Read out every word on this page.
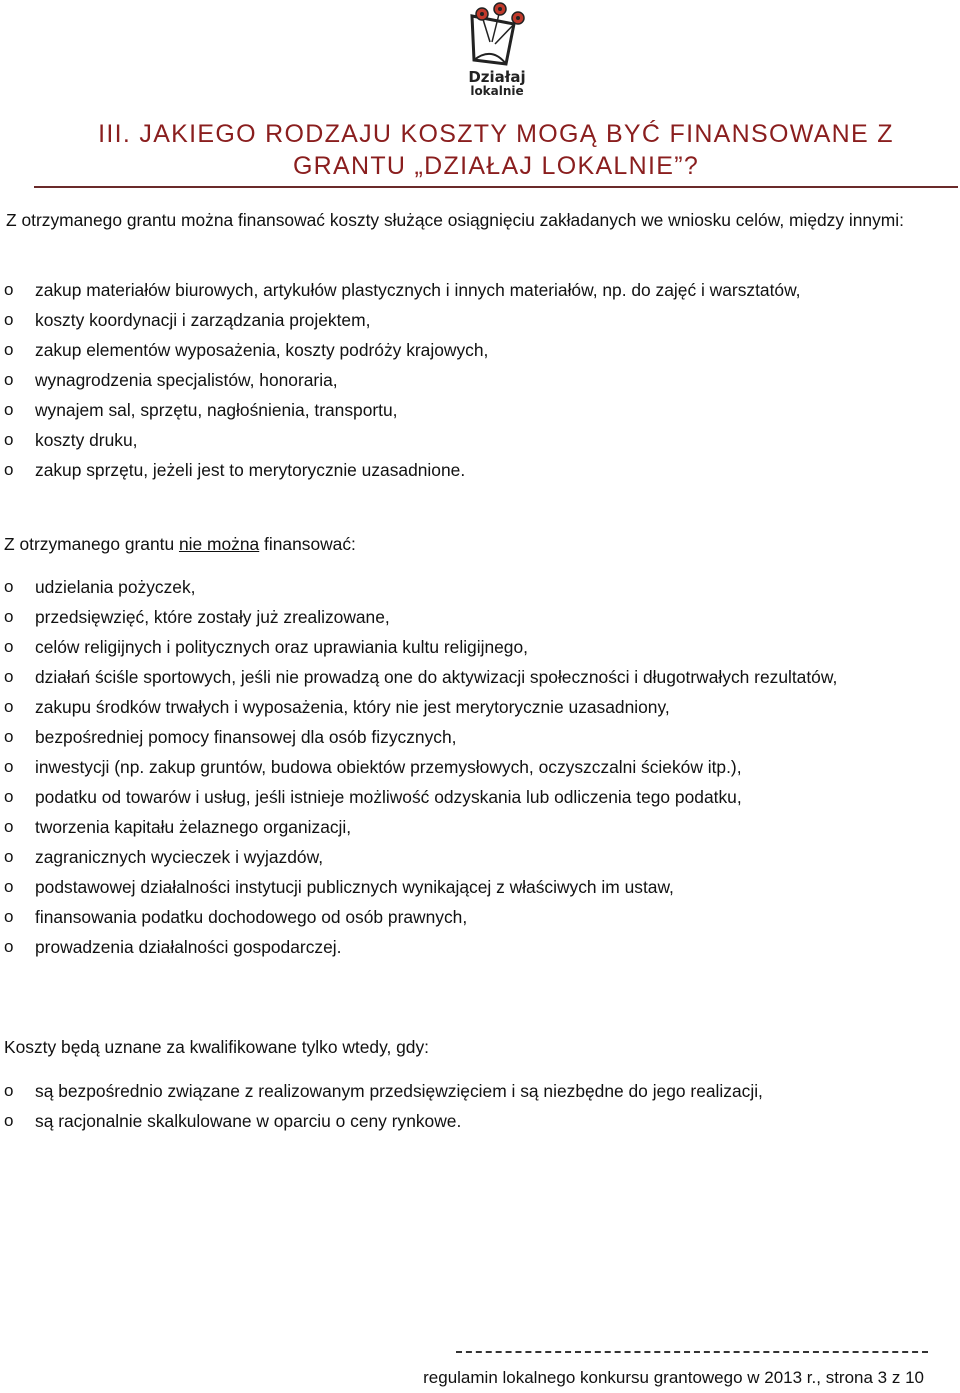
Działaj
lokalnie
III. JAKIEGO RODZAJU KOSZTY MOGĄ BYĆ FINANSOWANE Z
GRANTU „DZIAŁAJ LOKALNIE”?

Z otrzymanego grantu można finansować koszty służące osiągnięciu zakładanych we wniosku celów, między innymi:

o zakup materiałów biurowych, artykułów plastycznych i innych materiałów, np. do zajęć i warsztatów,
o koszty koordynacji i zarządzania projektem,
o zakup elementów wyposażenia, koszty podróży krajowych,
o wynagrodzenia specjalistów, honoraria,
o wynajem sal, sprzętu, nagłośnienia, transportu,
o koszty druku,
o zakup sprzętu, jeżeli jest to merytorycznie uzasadnione.

Z otrzymanego grantu nie można finansować:

o udzielania pożyczek,
o przedsięwzięć, które zostały już zrealizowane,
o celów religijnych i politycznych oraz uprawiania kultu religijnego,
o działań ściśle sportowych, jeśli nie prowadzą one do aktywizacji społeczności i długotrwałych rezultatów,
o zakupu środków trwałych i wyposażenia, który nie jest merytorycznie uzasadniony,
o bezpośredniej pomocy finansowej dla osób fizycznych,
o inwestycji (np. zakup gruntów, budowa obiektów przemysłowych, oczyszczalni ścieków itp.),
o podatku od towarów i usług, jeśli istnieje możliwość odzyskania lub odliczenia tego podatku,
o tworzenia kapitału żelaznego organizacji,
o zagranicznych wycieczek i wyjazdów,
o podstawowej działalności instytucji publicznych wynikającej z właściwych im ustaw,
o finansowania podatku dochodowego od osób prawnych,
o prowadzenia działalności gospodarczej.

Koszty będą uznane za kwalifikowane tylko wtedy, gdy:

o są bezpośrednio związane z realizowanym przedsięwzięciem i są niezbędne do jego realizacji,
o są racjonalnie skalkulowane w oparciu o ceny rynkowe.
regulamin lokalnego konkursu grantowego w 2013 r., strona 3 z 10
